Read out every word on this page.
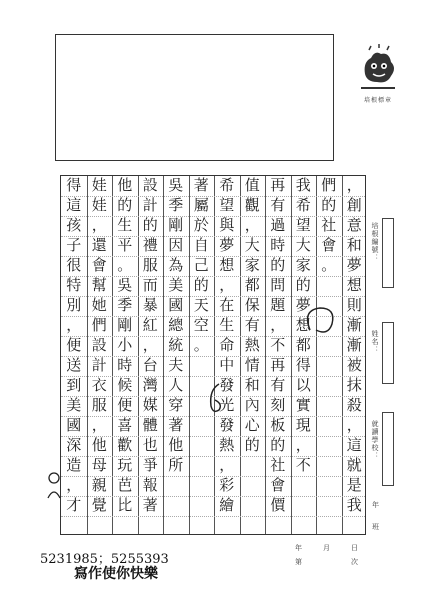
培根標章
，
創
意
和
夢
想
則
漸
漸
被
抹
殺
，
這
就
是
我
們
的
社
會
。
我
希
望
大
家
的
夢
想
都
得
以
實
現
，
不
再
有
過
時
的
問
題
，
不
再
有
刻
板
的
社
會
價
值
觀
，
大
家
都
保
有
熱
情
和
內
心
的
希
望
與
夢
想
，
在
生
命
中
發
光
發
熱
，
彩
繪
著
屬
於
自
己
的
天
空
。
吳
季
剛
因
為
美
國
總
統
夫
人
穿
著
他
所
設
計
的
禮
服
而
暴
紅
，
台
灣
媒
體
也
爭
報
著
他
的
生
平
。
吳
季
剛
小
時
候
便
喜
歡
玩
芭
比
娃
娃
，
還
會
幫
她
們
設
計
衣
服
，
他
母
親
覺
得
這
孩
子
很
特
別
，
便
送
到
美
國
深
造
，
才
培根編號：
姓名：
就讀學校：
年
班
年	月	日
第	次
5231985；5255393
寫作使你快樂
